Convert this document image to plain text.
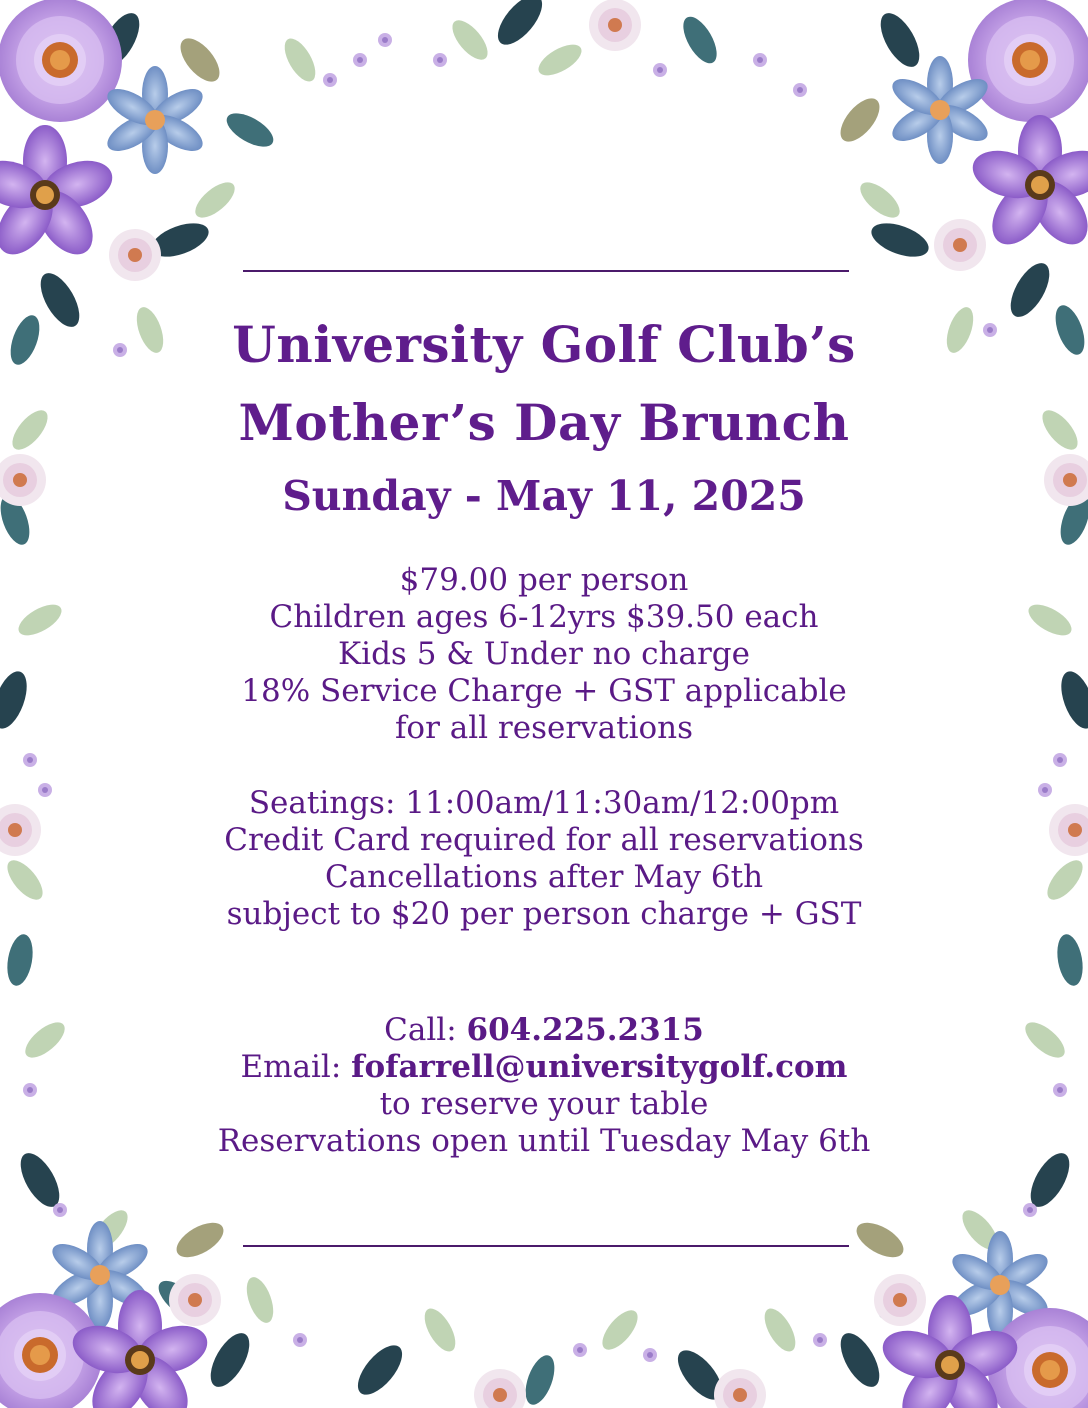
University Golf Club’s
Mother’s Day Brunch
Sunday - May 11, 2025
$79.00 per person
Children ages 6-12yrs $39.50 each
Kids 5 & Under no charge
18% Service Charge + GST applicable
for all reservations
Seatings: 11:00am/11:30am/12:00pm
Credit Card required for all reservations
Cancellations after May 6th
subject to $20 per person charge + GST
Call: 604.225.2315
Email: fofarrell@universitygolf.com
to reserve your table
Reservations open until Tuesday May 6th
